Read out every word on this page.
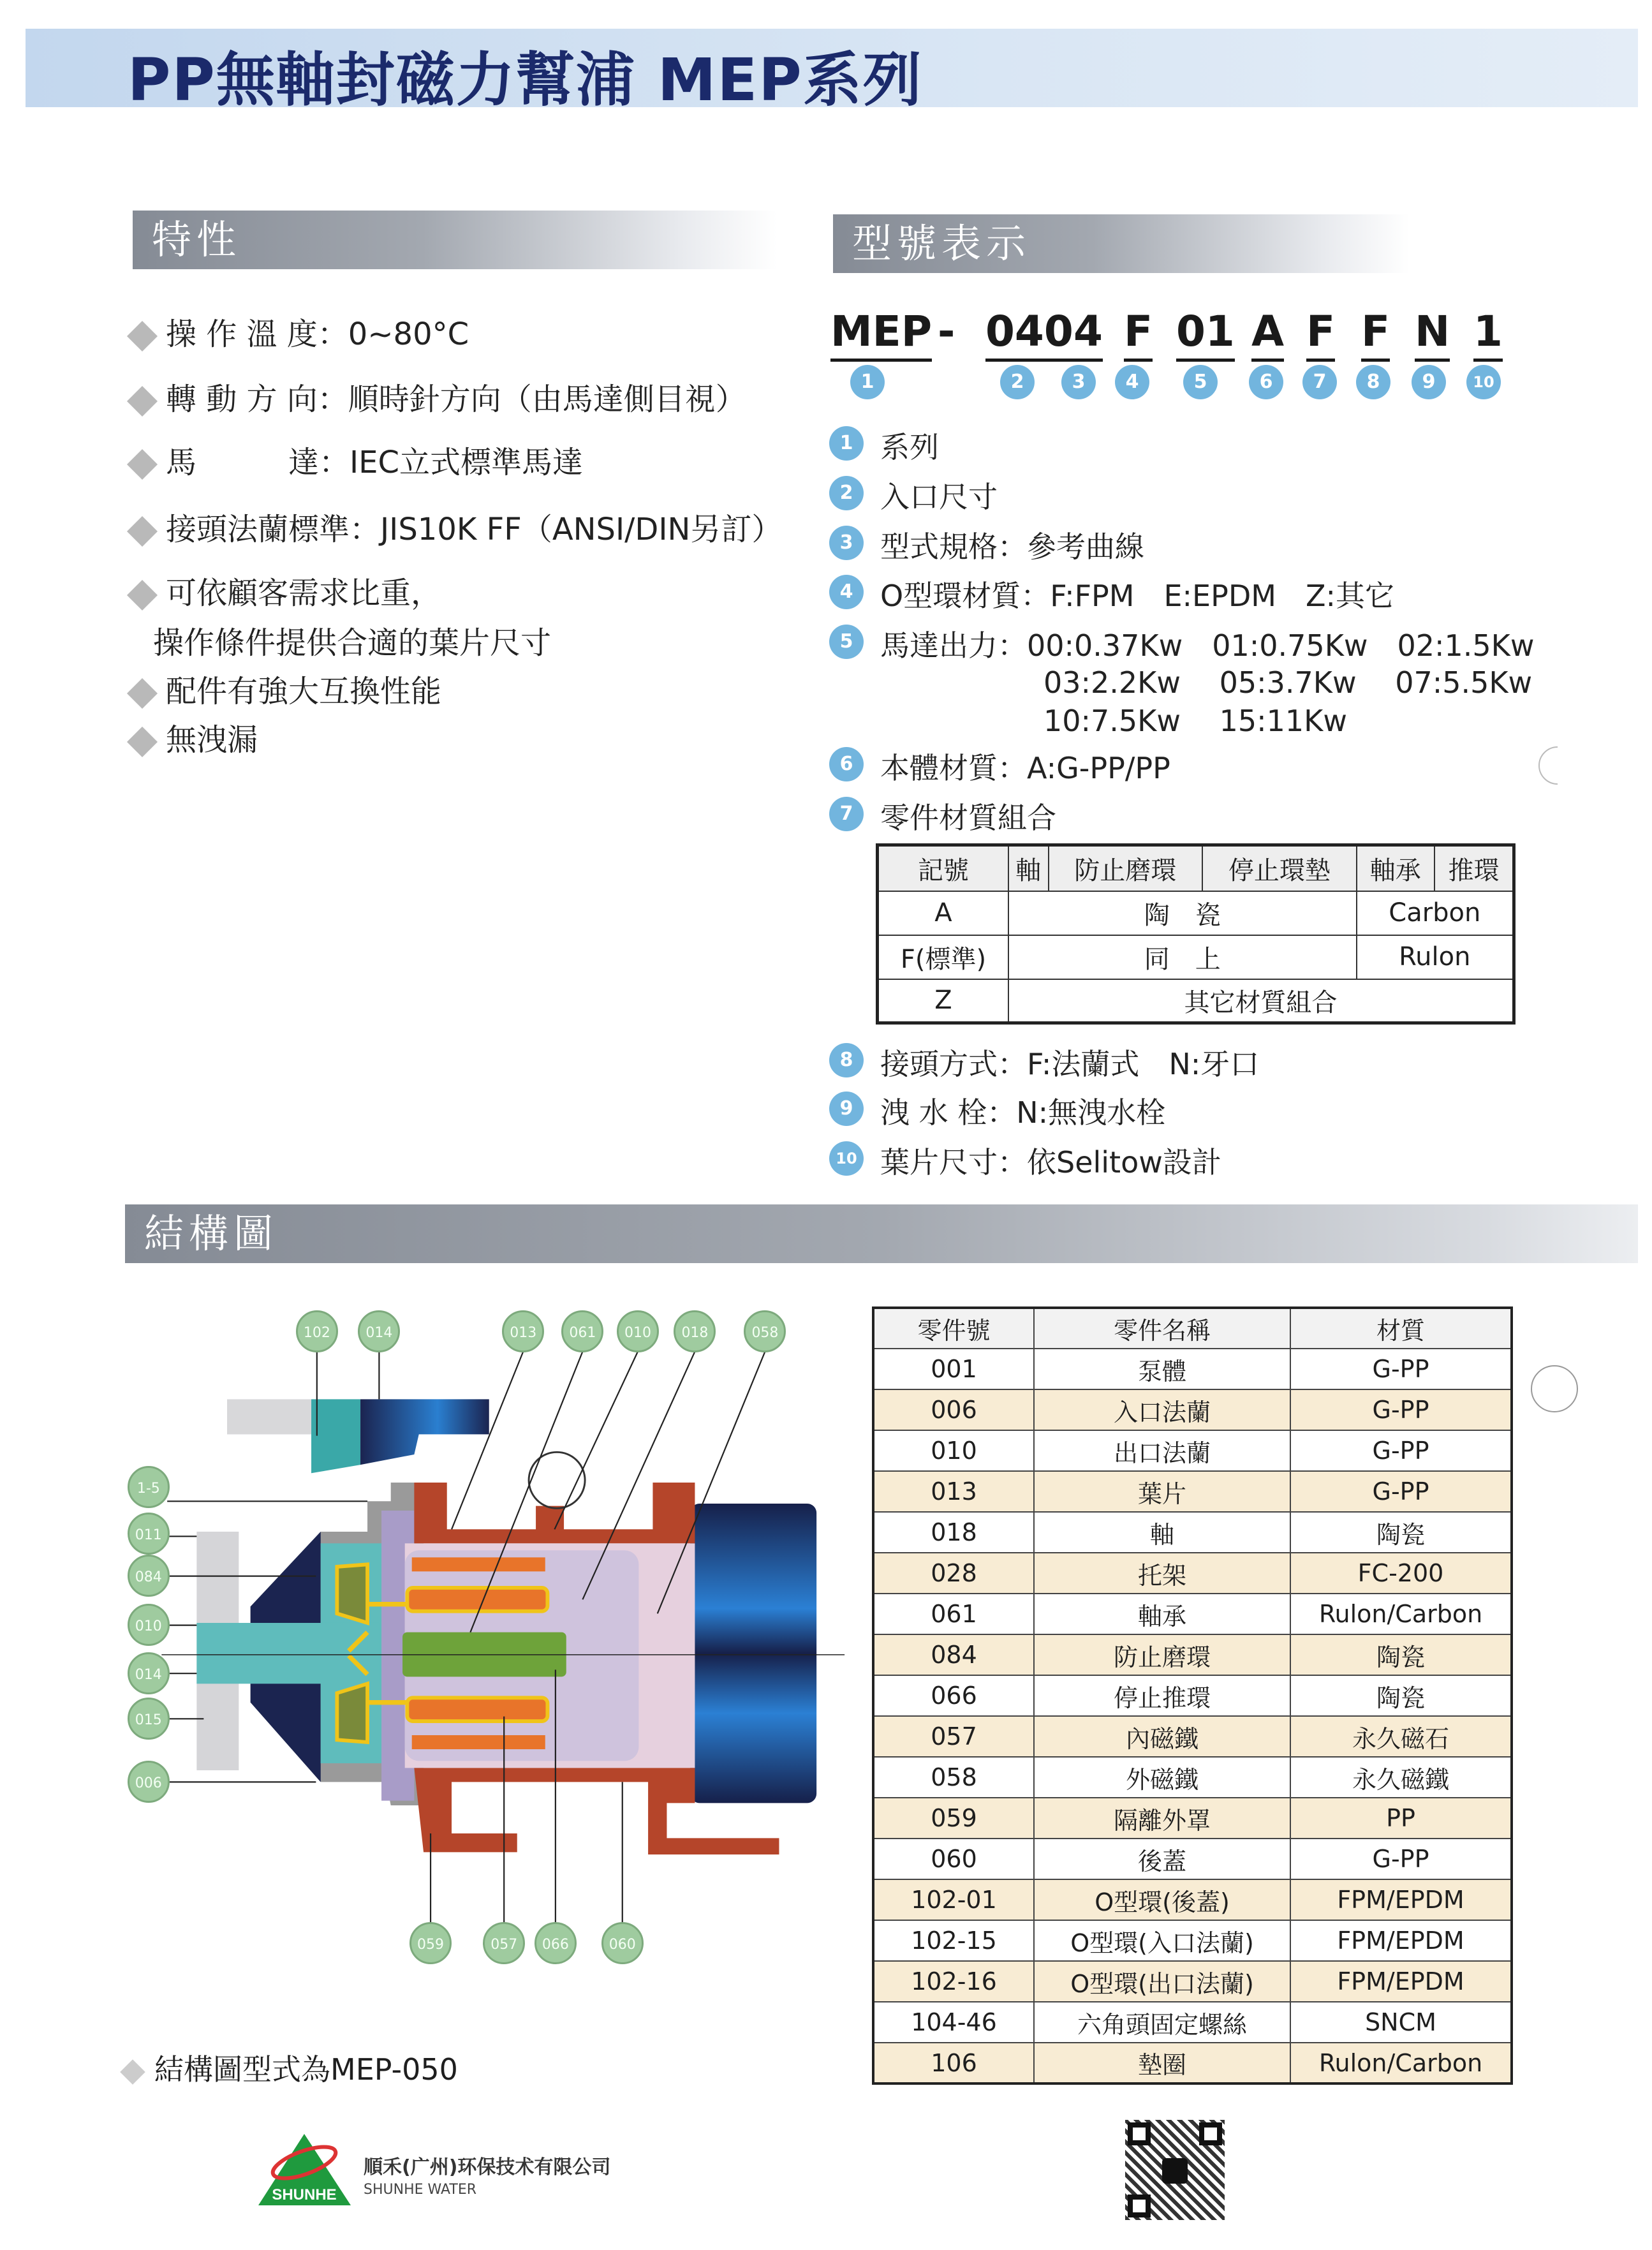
PP無軸封磁力幫浦 MEP系列
特性	型號表示
結構圖
操 作 溫 度：0~80°C
轉 動 方 向：順時針方向（由馬達側目視）
馬　　　達：IEC立式標準馬達
接頭法蘭標準：JIS10K FF（ANSI/DIN另訂）
可依顧客需求比重，
操作條件提供合適的葉片尺寸
配件有強大互換性能
無洩漏
MEP - 040 4 F 01 A F F N 1
1	2	3	4	5	6	7	8	9	10
1 系列
2 入口尺寸
3 型式規格：參考曲線
4 O型環材質：F:FPM　E:EPDM　Z:其它
5 馬達出力：00:0.37Kw　01:0.75Kw　02:1.5Kw
03:2.2Kw　 05:3.7Kw　 07:5.5Kw
10:7.5Kw　 15:11Kw
6 本體材質：A:G-PP/PP
7 零件材質組合
8 接頭方式：F:法蘭式　N:牙口
9 洩 水 栓：N:無洩水栓
10 葉片尺寸：依Selitow設計
記號	軸	防止磨環	停止環墊	軸承	推環
A	陶　瓷			Carbon	
F(標準)	同　上			Rulon	
Z	其它材質組合				
零件號	零件名稱	材質
001	泵體	G-PP
006	入口法蘭	G-PP
010	出口法蘭	G-PP
013	葉片	G-PP
018	軸	陶瓷
028	托架	FC-200
061	軸承	Rulon/Carbon
084	防止磨環	陶瓷
066	停止推環	陶瓷
057	內磁鐵	永久磁石
058	外磁鐵	永久磁鐵
059	隔離外罩	PP
060	後蓋	G-PP
102-01	O型環(後蓋)	FPM/EPDM
102-15	O型環(入口法蘭)	FPM/EPDM
102-16	O型環(出口法蘭)	FPM/EPDM
104-46	六角頭固定螺絲	SNCM
106	墊圈	Rulon/Carbon
102	014	013	061	010	018	058
1-5
011
084
010
014
015
006
059	057	066	060
結構圖型式為MEP-050
SHUNHE
順禾(广州)环保技术有限公司
SHUNHE WATER
